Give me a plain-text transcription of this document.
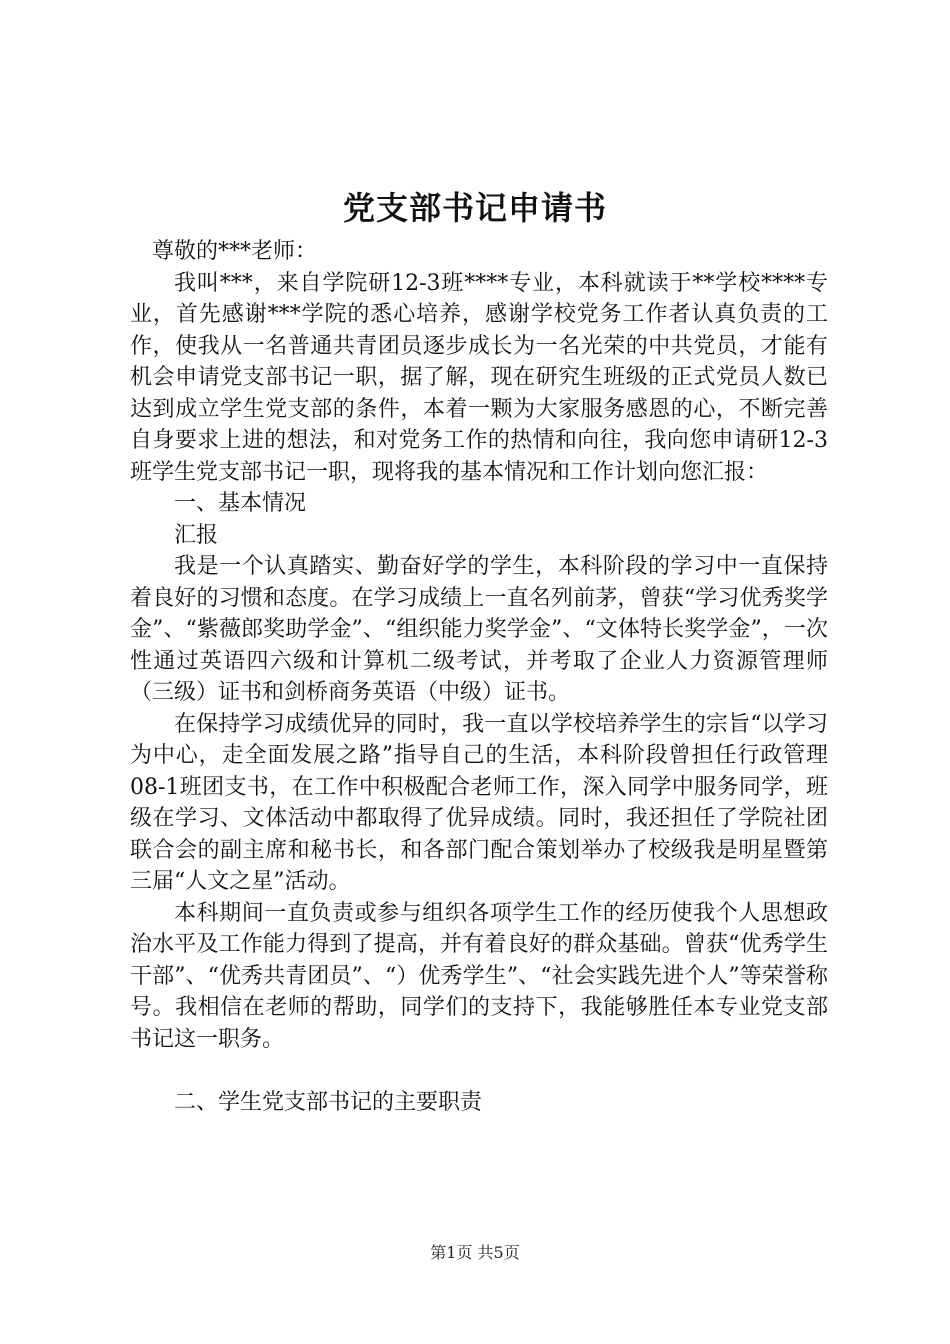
党支部书记申请书

尊敬的***老师：

我叫***，来自学院研12-3班****专业，本科就读于**学校****专业，首先感谢***学院的悉心培养，感谢学校党务工作者认真负责的工作，使我从一名普通共青团员逐步成长为一名光荣的中共党员，才能有机会申请党支部书记一职，据了解，现在研究生班级的正式党员人数已达到成立学生党支部的条件，本着一颗为大家服务感恩的心，不断完善自身要求上进的想法，和对党务工作的热情和向往，我向您申请研12-3班学生党支部书记一职，现将我的基本情况和工作计划向您汇报：

一、基本情况

汇报

我是一个认真踏实、勤奋好学的学生，本科阶段的学习中一直保持着良好的习惯和态度。在学习成绩上一直名列前茅，曾获“学习优秀奖学金”、“紫薇郎奖助学金”、“组织能力奖学金”、“文体特长奖学金”，一次性通过英语四六级和计算机二级考试，并考取了企业人力资源管理师（三级）证书和剑桥商务英语（中级）证书。

在保持学习成绩优异的同时，我一直以学校培养学生的宗旨“以学习为中心，走全面发展之路”指导自己的生活，本科阶段曾担任行政管理08-1班团支书，在工作中积极配合老师工作，深入同学中服务同学，班级在学习、文体活动中都取得了优异成绩。同时，我还担任了学院社团联合会的副主席和秘书长，和各部门配合策划举办了校级我是明星暨第三届“人文之星”活动。

本科期间一直负责或参与组织各项学生工作的经历使我个人思想政治水平及工作能力得到了提高，并有着良好的群众基础。曾获“优秀学生干部”、“优秀共青团员”、“）优秀学生”、“社会实践先进个人”等荣誉称号。我相信在老师的帮助，同学们的支持下，我能够胜任本专业党支部书记这一职务。

二、学生党支部书记的主要职责

第1页 共5页
